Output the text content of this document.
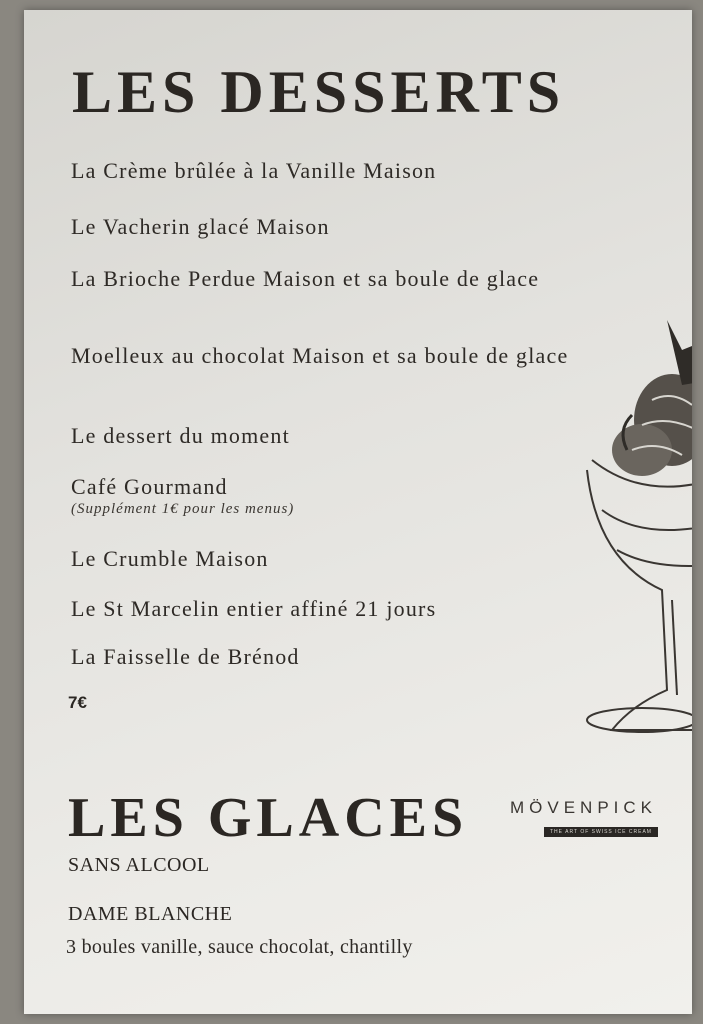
LES DESSERTS
La Crème brûlée à la Vanille Maison
Le Vacherin glacé Maison
La Brioche Perdue Maison et sa boule de glace
Moelleux au chocolat Maison et sa boule de glace
Le dessert du moment
Café Gourmand
(Supplément 1€ pour les menus)
Le Crumble Maison
Le St Marcelin entier affiné 21 jours
La Faisselle de Brénod
7€
LES GLACES MÖVENPICK
THE ART OF SWISS ICE CREAM
SANS ALCOOL
DAME BLANCHE
3 boules vanille, sauce chocolat, chantilly
